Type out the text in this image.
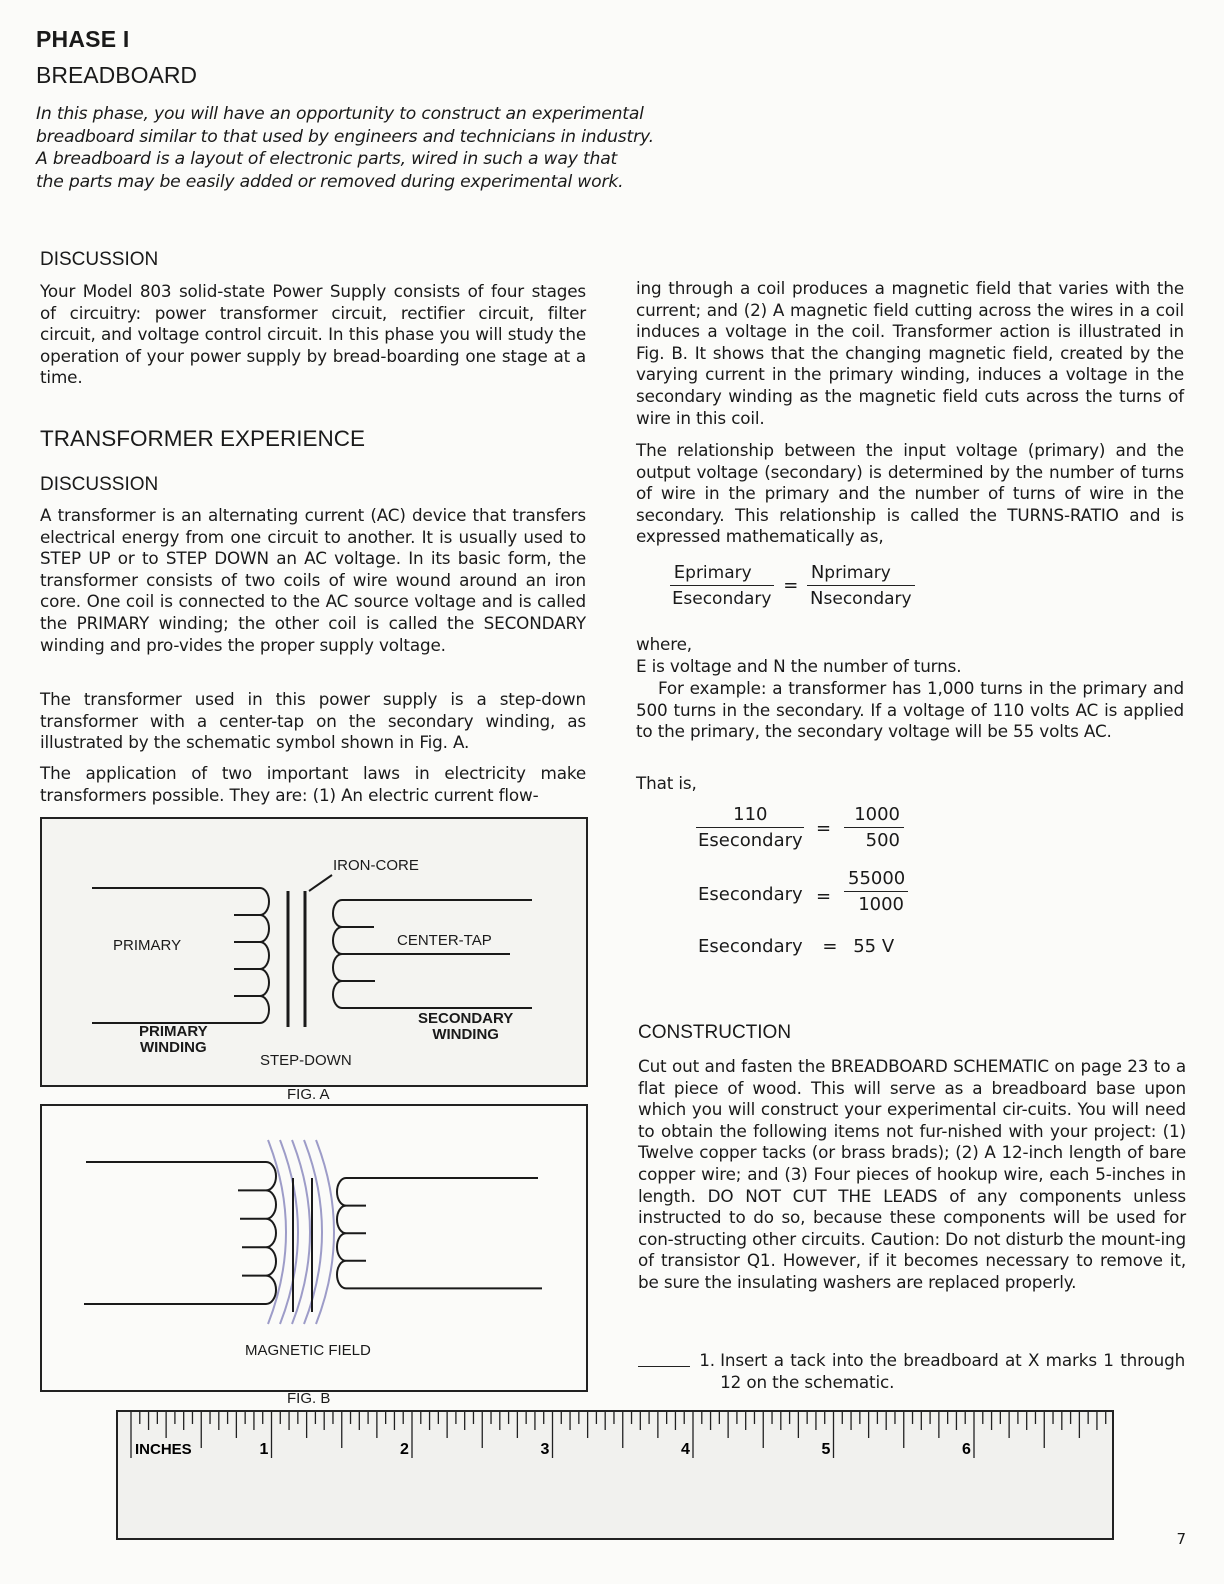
PHASE I
BREADBOARD
In this phase, you will have an opportunity to construct an experimental
breadboard similar to that used by engineers and technicians in industry.
A breadboard is a layout of electronic parts, wired in such a way that
the parts may be easily added or removed during experimental work.
DISCUSSION
Your Model 803 solid-state Power Supply consists of four stages of circuitry: power transformer circuit, rectifier circuit, filter circuit, and voltage control circuit. In this phase you will study the operation of your power supply by bread-boarding one stage at a time.
TRANSFORMER EXPERIENCE
DISCUSSION
A transformer is an alternating current (AC) device that transfers electrical energy from one circuit to another. It is usually used to STEP UP or to STEP DOWN an AC voltage. In its basic form, the transformer consists of two coils of wire wound around an iron core. One coil is connected to the AC source voltage and is called the PRIMARY winding; the other coil is called the SECONDARY winding and pro-vides the proper supply voltage.
The transformer used in this power supply is a step-down transformer with a center-tap on the secondary winding, as illustrated by the schematic symbol shown in Fig. A.
The application of two important laws in electricity make transformers possible. They are: (1) An electric current flow-
IRON-CORE
PRIMARY	CENTER-TAP
PRIMARY
WINDING
SECONDARY
WINDING
STEP-DOWN
FIG. A
MAGNETIC FIELD
FIG. B
ing through a coil produces a magnetic field that varies with the current; and (2) A magnetic field cutting across the wires in a coil induces a voltage in the coil. Transformer action is illustrated in Fig. B. It shows that the changing magnetic field, created by the varying current in the primary winding, induces a voltage in the secondary winding as the magnetic field cuts across the turns of wire in this coil.
The relationship between the input voltage (primary) and the output voltage (secondary) is determined by the number of turns of wire in the primary and the number of turns of wire in the secondary. This relationship is called the TURNS-RATIO and is expressed mathematically as,
$\frac{\text{Eprimary}}{\text{Esecondary}} = \frac{\text{Nprimary}}{\text{Nsecondary}}$
where,
E is voltage and N the number of turns.
For example: a transformer has 1,000 turns in the primary and 500 turns in the secondary. If a voltage of 110 volts AC is applied to the primary, the secondary voltage will be 55 volts AC.
That is,
110
Esecondary
= $\frac{1000}{500}$
Esecondary = $\frac{55000}{1000}$
Esecondary = 55 V
CONSTRUCTION
Cut out and fasten the BREADBOARD SCHEMATIC on page 23 to a flat piece of wood. This will serve as a breadboard base upon which you will construct your experimental cir-cuits. You will need to obtain the following items not fur-nished with your project: (1) Twelve copper tacks (or brass brads); (2) A 12-inch length of bare copper wire; and (3) Four pieces of hookup wire, each 5-inches in length. DO NOT CUT THE LEADS of any components unless instructed to do so, because these components will be used for con-structing other circuits. Caution: Do not disturb the mount-ing of transistor Q1. However, if it becomes necessary to remove it, be sure the insulating washers are replaced properly.
1. Insert a tack into the breadboard at X marks 1 through 12 on the schematic.
INCHES	1	2	3	4	5	6
7
